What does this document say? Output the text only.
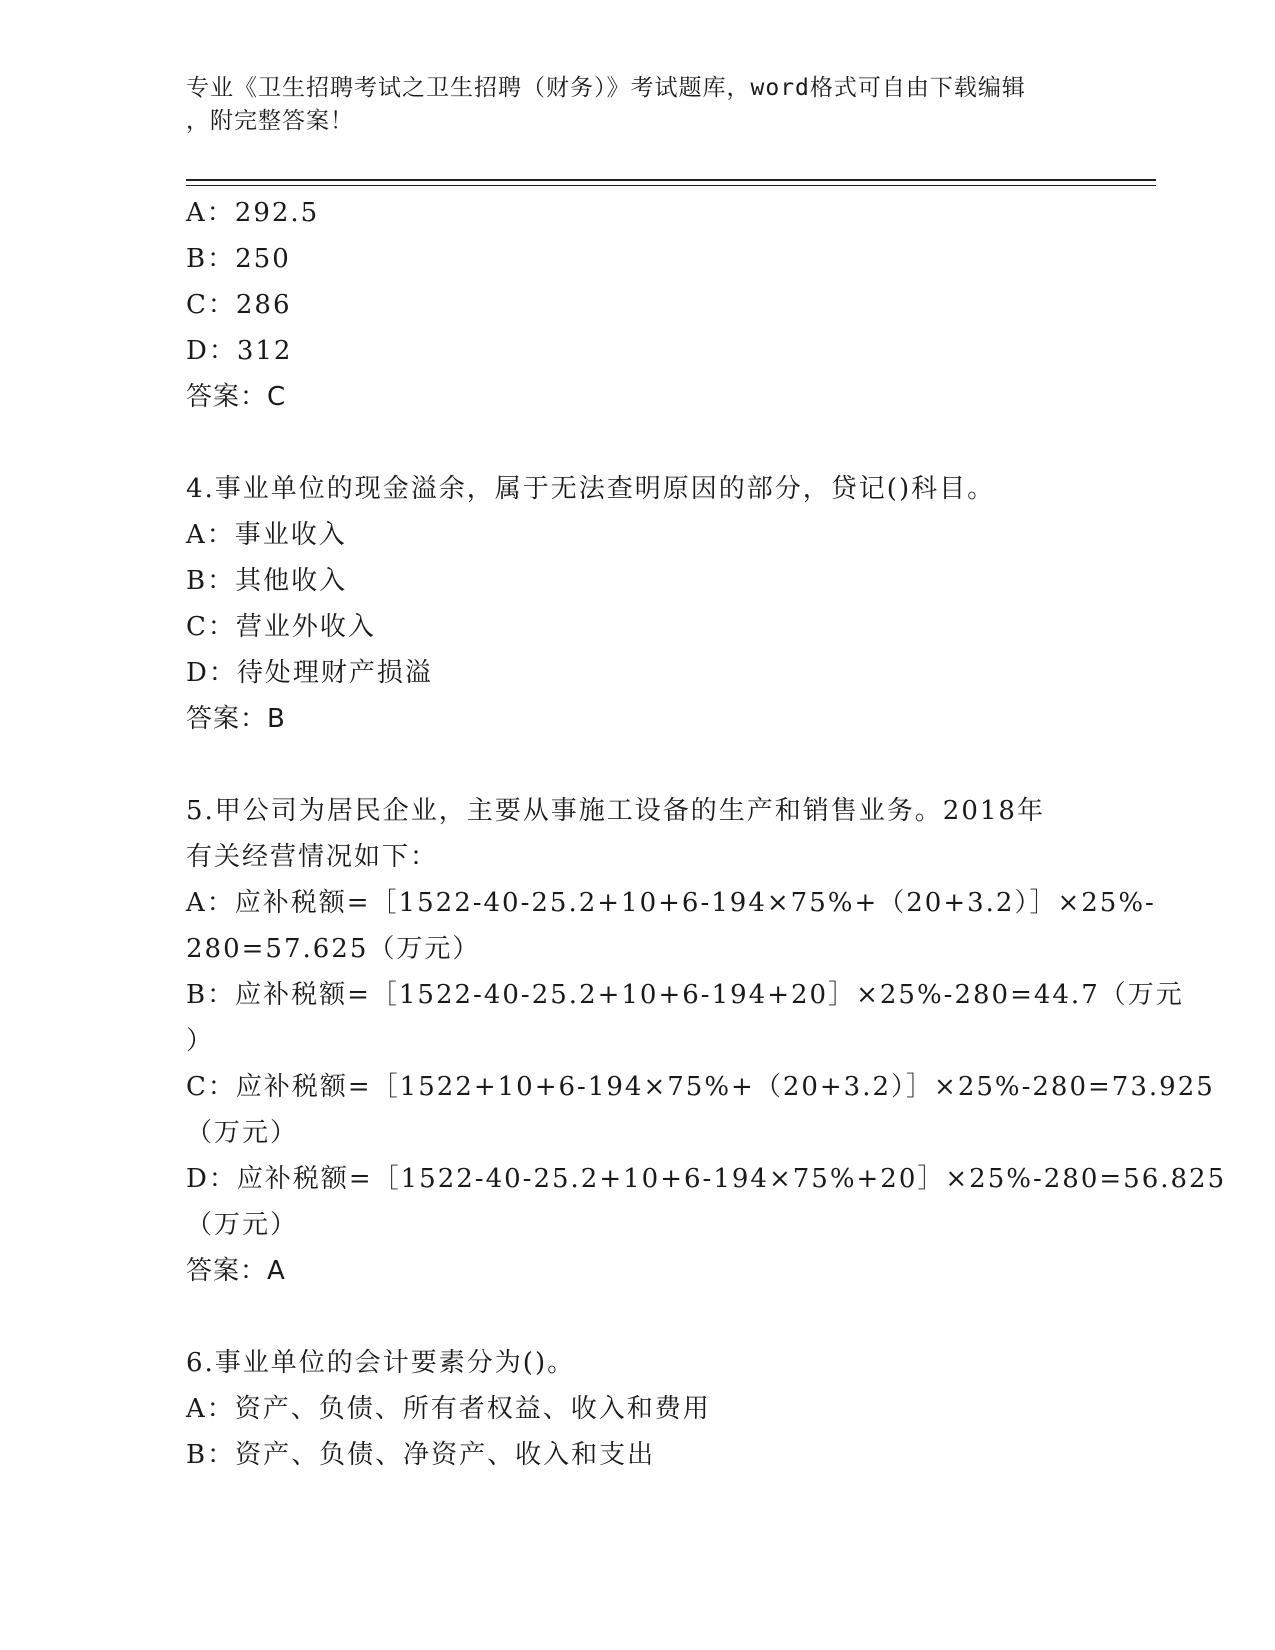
专业《卫生招聘考试之卫生招聘（财务）》考试题库，word格式可自由下载编辑
，附完整答案！
A：292.5
B：250
C：286
D：312
答案：C
4.事业单位的现金溢余，属于无法查明原因的部分，贷记()科目。
A：事业收入
B：其他收入
C：营业外收入
D：待处理财产损溢
答案：B
5.甲公司为居民企业，主要从事施工设备的生产和销售业务。2018年
有关经营情况如下：
A：应补税额=［1522-40-25.2+10+6-194×75%+（20+3.2）］×25%-
280=57.625（万元）
B：应补税额=［1522-40-25.2+10+6-194+20］×25%-280=44.7（万元
）
C：应补税额=［1522+10+6-194×75%+（20+3.2）］×25%-280=73.925
（万元）
D：应补税额=［1522-40-25.2+10+6-194×75%+20］×25%-280=56.825
（万元）
答案：A
6.事业单位的会计要素分为()。
A：资产、负债、所有者权益、收入和费用
B：资产、负债、净资产、收入和支出
